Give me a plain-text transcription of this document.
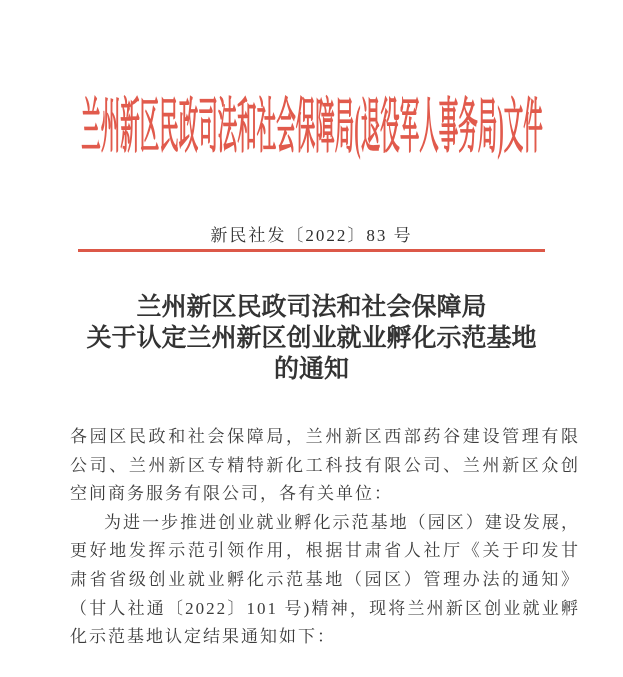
兰州新区民政司法和社会保障局(退役军人事务局)文件
新民社发〔2022〕83 号
兰州新区民政司法和社会保障局
关于认定兰州新区创业就业孵化示范基地
的通知

各园区民政和社会保障局，兰州新区西部药谷建设管理有限公司、兰州新区专精特新化工科技有限公司、兰州新区众创空间商务服务有限公司，各有关单位：

为进一步推进创业就业孵化示范基地（园区）建设发展，更好地发挥示范引领作用，根据甘肃省人社厅《关于印发甘肃省省级创业就业孵化示范基地（园区）管理办法的通知》（甘人社通〔2022〕101 号)精神，现将兰州新区创业就业孵化示范基地认定结果通知如下：
